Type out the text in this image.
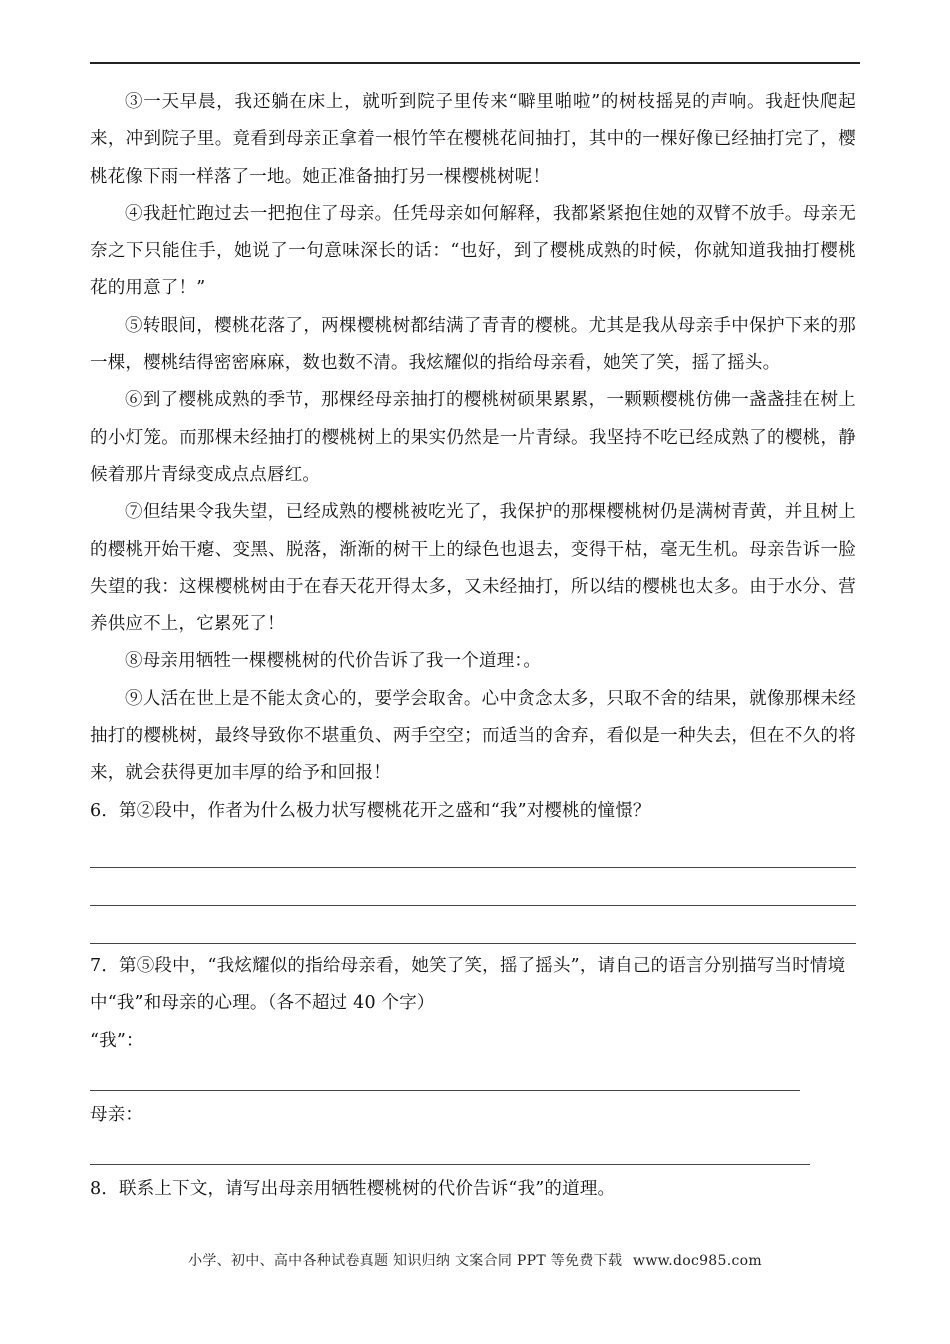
③一天早晨，我还躺在床上，就听到院子里传来“噼里啪啦”的树枝摇晃的声响。我赶快爬起来，冲到院子里。竟看到母亲正拿着一根竹竿在樱桃花间抽打，其中的一棵好像已经抽打完了，樱桃花像下雨一样落了一地。她正准备抽打另一棵樱桃树呢！

④我赶忙跑过去一把抱住了母亲。任凭母亲如何解释，我都紧紧抱住她的双臂不放手。母亲无奈之下只能住手，她说了一句意味深长的话：“也好，到了樱桃成熟的时候，你就知道我抽打樱桃花的用意了！”

⑤转眼间，樱桃花落了，两棵樱桃树都结满了青青的樱桃。尤其是我从母亲手中保护下来的那一棵，樱桃结得密密麻麻，数也数不清。我炫耀似的指给母亲看，她笑了笑，摇了摇头。

⑥到了樱桃成熟的季节，那棵经母亲抽打的樱桃树硕果累累，一颗颗樱桃仿佛一盏盏挂在树上的小灯笼。而那棵未经抽打的樱桃树上的果实仍然是一片青绿。我坚持不吃已经成熟了的樱桃，静候着那片青绿变成点点唇红。

⑦但结果令我失望，已经成熟的樱桃被吃光了，我保护的那棵樱桃树仍是满树青黄，并且树上的樱桃开始干瘪、变黑、脱落，渐渐的树干上的绿色也退去，变得干枯，毫无生机。母亲告诉一脸失望的我：这棵樱桃树由于在春天花开得太多，又未经抽打，所以结的樱桃也太多。由于水分、营养供应不上，它累死了！

⑧母亲用牺牲一棵樱桃树的代价告诉了我一个道理：。

⑨人活在世上是不能太贪心的，要学会取舍。心中贪念太多，只取不舍的结果，就像那棵未经抽打的樱桃树，最终导致你不堪重负、两手空空；而适当的舍弃，看似是一种失去，但在不久的将来，就会获得更加丰厚的给予和回报！

6．第②段中，作者为什么极力状写樱桃花开之盛和“我”对樱桃的憧憬？

7．第⑤段中，“我炫耀似的指给母亲看，她笑了笑，摇了摇头”，请自己的语言分别描写当时情境中“我”和母亲的心理。（各不超过 40 个字）

“我”：

母亲：

8．联系上下文，请写出母亲用牺牲樱桃树的代价告诉“我”的道理。

小学、初中、高中各种试卷真题 知识归纳 文案合同 PPT 等免费下载 www.doc985.com
